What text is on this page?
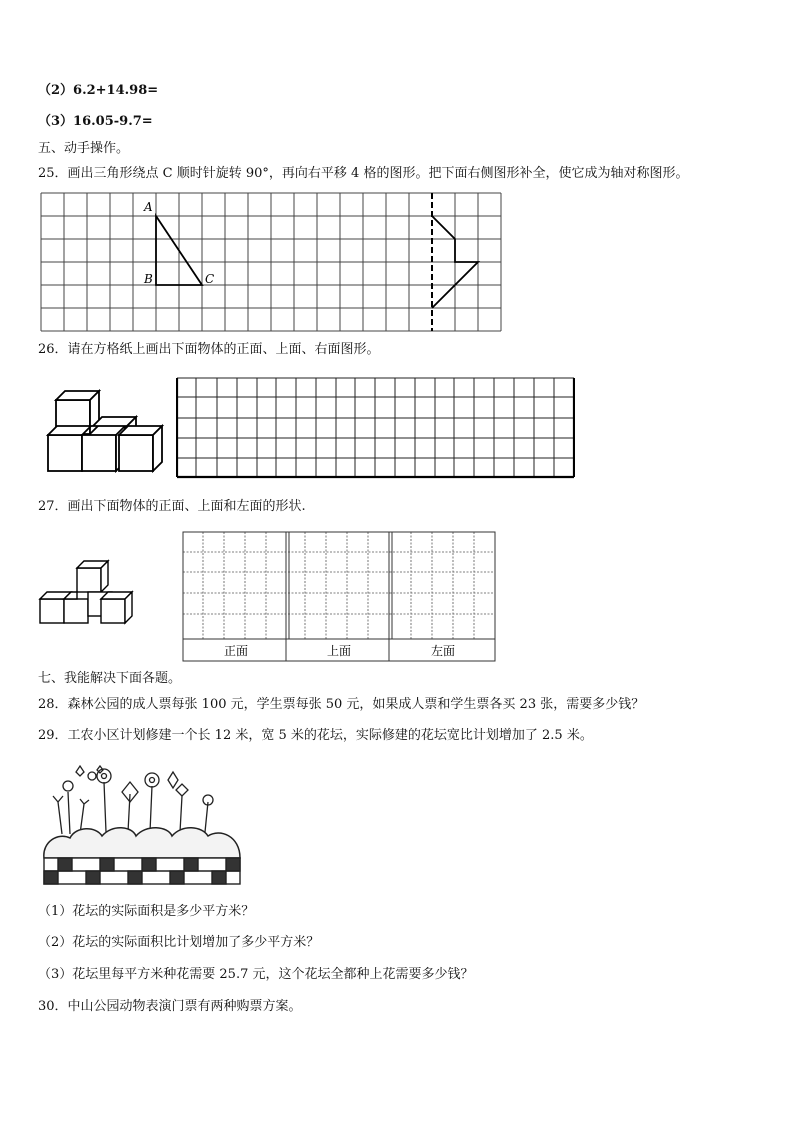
（2）6.2+14.98=
（3）16.05-9.7=
五、动手操作。
25．画出三角形绕点 C 顺时针旋转 90°，再向右平移 4 格的图形。把下面右侧图形补全，使它成为轴对称图形。
A
B	C
26．请在方格纸上画出下面物体的正面、上面、右面图形。
27．画出下面物体的正面、上面和左面的形状.
正面	上面	左面
七、我能解决下面各题。
28．森林公园的成人票每张 100 元，学生票每张 50 元，如果成人票和学生票各买 23 张，需要多少钱？
29．工农小区计划修建一个长 12 米，宽 5 米的花坛，实际修建的花坛宽比计划增加了 2.5 米。
（1）花坛的实际面积是多少平方米？
（2）花坛的实际面积比计划增加了多少平方米？
（3）花坛里每平方米种花需要 25.7 元，这个花坛全都种上花需要多少钱？
30．中山公园动物表演门票有两种购票方案。
